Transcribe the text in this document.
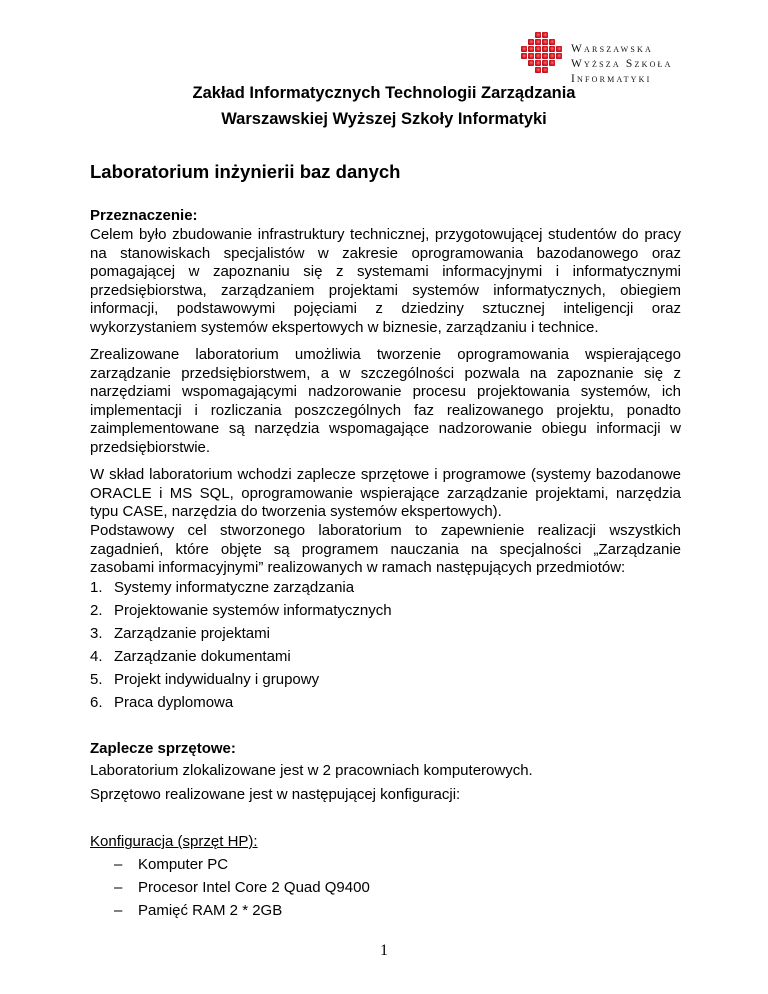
Warszawska
Wyższa Szkoła
Informatyki
Zakład Informatycznych Technologii Zarządzania
Warszawskiej Wyższej Szkoły Informatyki
Laboratorium inżynierii baz danych
Przeznaczenie:
Celem było zbudowanie infrastruktury technicznej, przygotowującej studentów do pracy na stanowiskach specjalistów w zakresie oprogramowania bazodanowego oraz pomagającej w zapoznaniu się z systemami informacyjnymi i informatycznymi przedsiębiorstwa, zarządzaniem projektami systemów informatycznych, obiegiem informacji, podstawowymi pojęciami z dziedziny sztucznej inteligencji oraz wykorzystaniem systemów ekspertowych w biznesie, zarządzaniu i technice.
Zrealizowane laboratorium umożliwia tworzenie oprogramowania wspierającego zarządzanie przedsiębiorstwem, a w szczególności pozwala na zapoznanie się z narzędziami wspomagającymi nadzorowanie procesu projektowania systemów, ich implementacji i rozliczania poszczególnych faz realizowanego projektu, ponadto zaimplementowane są narzędzia wspomagające nadzorowanie obiegu informacji w przedsiębiorstwie.
W skład laboratorium wchodzi zaplecze sprzętowe i programowe (systemy bazodanowe ORACLE i MS SQL, oprogramowanie wspierające zarządzanie projektami, narzędzia typu CASE, narzędzia do tworzenia systemów ekspertowych).
Podstawowy cel stworzonego laboratorium to zapewnienie realizacji wszystkich zagadnień, które objęte są programem nauczania na specjalności „Zarządzanie zasobami informacyjnymi” realizowanych w ramach następujących przedmiotów:
1. Systemy informatyczne zarządzania
2. Projektowanie systemów informatycznych
3. Zarządzanie projektami
4. Zarządzanie dokumentami
5. Projekt indywidualny i grupowy
6. Praca dyplomowa
Zaplecze sprzętowe:
Laboratorium zlokalizowane jest w 2 pracowniach komputerowych.
Sprzętowo realizowane jest w następującej konfiguracji:
Konfiguracja (sprzęt HP):
– Komputer PC
– Procesor Intel Core 2 Quad Q9400
– Pamięć RAM 2 * 2GB
1
